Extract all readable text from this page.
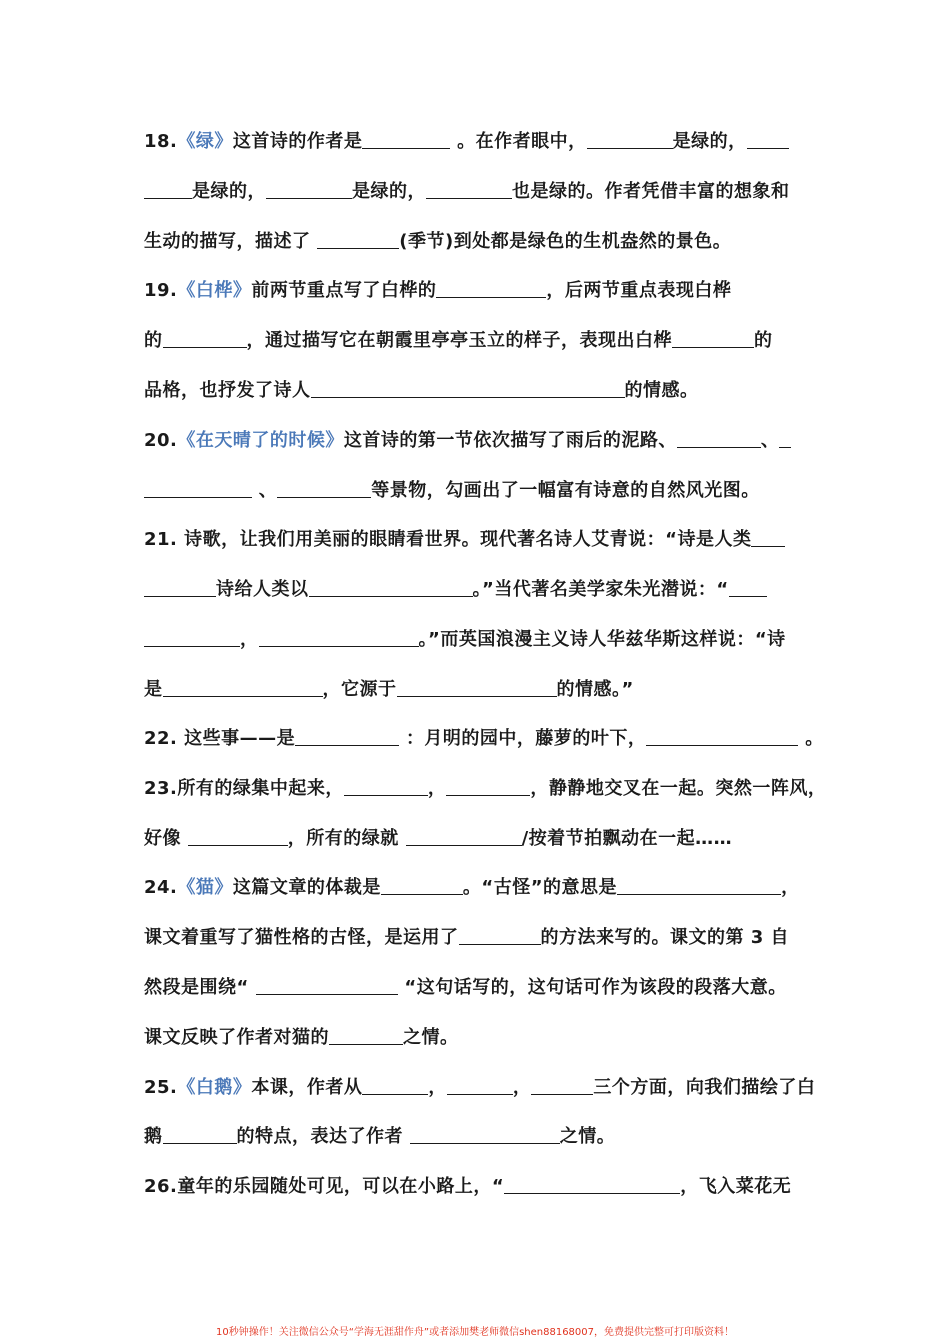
18.《绿》这首诗的作者是	。在作者眼中，	是绿的，
是绿的，	是绿的，	也是绿的。作者凭借丰富的想象和
生动的描写，描述了	(季节)到处都是绿色的生机盎然的景色。
19.《白桦》前两节重点写了白桦的	，后两节重点表现白桦
的	，通过描写它在朝霞里亭亭玉立的样子，表现出白桦	的
品格，也抒发了诗人	的情感。
20.《在天晴了的时候》这首诗的第一节依次描写了雨后的泥路、	、
、	等景物，勾画出了一幅富有诗意的自然风光图。
21. 诗歌，让我们用美丽的眼睛看世界。现代著名诗人艾青说：“诗是人类
诗给人类以	。”当代著名美学家朱光潜说：“
，	。”而英国浪漫主义诗人华兹华斯这样说：“诗
是	，它源于	的情感。”
22. 这些事——是	：月明的园中，藤萝的叶下，	。
23.所有的绿集中起来，	，	，静静地交叉在一起。突然一阵风，
好像	，所有的绿就	/按着节拍飘动在一起……
24.《猫》这篇文章的体裁是	。“古怪”的意思是	，
课文着重写了猫性格的古怪，是运用了	的方法来写的。课文的第 3 自
然段是围绕“	“这句话写的，这句话可作为该段的段落大意。
课文反映了作者对猫的	之情。
25.《白鹅》本课，作者从	，	，	三个方面，向我们描绘了白
鹅	的特点，表达了作者	之情。
26.童年的乐园随处可见，可以在小路上，“	，飞入菜花无
10秒钟操作！关注微信公众号“学海无涯甜作舟”或者添加樊老师微信shen88168007，免费提供完整可打印版资料！
